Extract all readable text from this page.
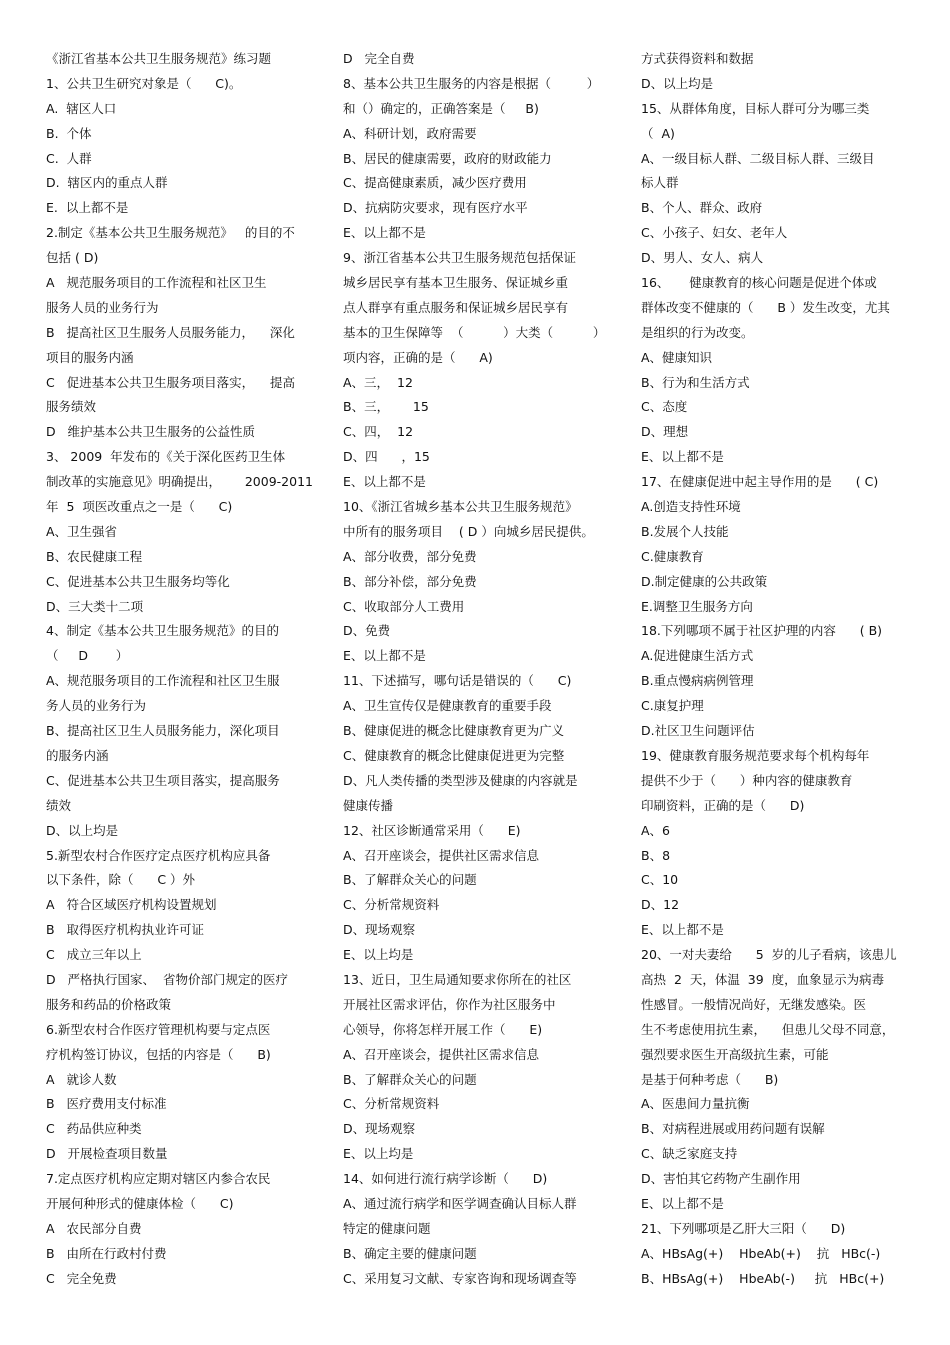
《浙江省基本公共卫生服务规范》练习题
1、公共卫生研究对象是（      C)。
A.  辖区人口
B.  个体
C.  人群
D.  辖区内的重点人群
E.  以上都不是
2.制定《基本公共卫生服务规范》   的目的不
包括 ( D)
A   规范服务项目的工作流程和社区卫生
服务人员的业务行为
B   提高社区卫生服务人员服务能力，    深化
项目的服务内涵
C   促进基本公共卫生服务项目落实，    提高
服务绩效
D   维护基本公共卫生服务的公益性质
3、 2009  年发布的《关于深化医药卫生体
制改革的实施意见》明确提出，      2009-2011
年  5  项医改重点之一是（      C)
A、卫生强省
B、农民健康工程
C、促进基本公共卫生服务均等化
D、三大类十二项
4、制定《基本公共卫生服务规范》的目的
（     D       ）
A、规范服务项目的工作流程和社区卫生服
务人员的业务行为
B、提高社区卫生人员服务能力，深化项目
的服务内涵
C、促进基本公共卫生项目落实，提高服务
绩效
D、以上均是
5.新型农村合作医疗定点医疗机构应具备
以下条件，除（      C ）外
A   符合区域医疗机构设置规划
B   取得医疗机构执业许可证
C   成立三年以上
D   严格执行国家、  省物价部门规定的医疗
服务和药品的价格政策
6.新型农村合作医疗管理机构要与定点医
疗机构签订协议，包括的内容是（      B)
A   就诊人数
B   医疗费用支付标准
C   药品供应种类
D   开展检查项目数量
7.定点医疗机构应定期对辖区内参合农民
开展何种形式的健康体检（      C)
A   农民部分自费
B   由所在行政村付费
C   完全免费
D   完全自费
8、基本公共卫生服务的内容是根据（         ）
和（）确定的，正确答案是（     B)
A、科研计划，政府需要
B、居民的健康需要，政府的财政能力
C、提高健康素质，减少医疗费用
D、抗病防灾要求，现有医疗水平
E、以上都不是
9、浙江省基本公共卫生服务规范包括保证
城乡居民享有基本卫生服务、保证城乡重
点人群享有重点服务和保证城乡居民享有
基本的卫生保障等  （          ）大类（          ）
项内容，正确的是（      A)
A、三，  12
B、三，      15
C、四，  12
D、四      ，15
E、以上都不是
10、《浙江省城乡基本公共卫生服务规范》
中所有的服务项目    ( D ）向城乡居民提供。
A、部分收费，部分免费
B、部分补偿，部分免费
C、收取部分人工费用
D、免费
E、以上都不是
11、下述描写，哪句话是错误的（      C)
A、卫生宣传仅是健康教育的重要手段
B、健康促进的概念比健康教育更为广义
C、健康教育的概念比健康促进更为完整
D、凡人类传播的类型涉及健康的内容就是
健康传播
12、社区诊断通常采用（      E)
A、召开座谈会，提供社区需求信息
B、了解群众关心的问题
C、分析常规资料
D、现场观察
E、以上均是
13、近日，卫生局通知要求你所在的社区
开展社区需求评估，你作为社区服务中
心领导，你将怎样开展工作（      E)
A、召开座谈会，提供社区需求信息
B、了解群众关心的问题
C、分析常规资料
D、现场观察
E、以上均是
14、如何进行流行病学诊断（      D)
A、通过流行病学和医学调查确认目标人群
特定的健康问题
B、确定主要的健康问题
C、采用复习文献、专家咨询和现场调查等
方式获得资料和数据
D、以上均是
15、从群体角度，目标人群可分为哪三类
（  A)
A、一级目标人群、二级目标人群、三级目
标人群
B、个人、群众、政府
C、小孩子、妇女、老年人
D、男人、女人、病人
16、     健康教育的核心问题是促进个体或
群体改变不健康的（      B ）发生改变，尤其
是组织的行为改变。
A、健康知识
B、行为和生活方式
C、态度
D、理想
E、以上都不是
17、在健康促进中起主导作用的是      ( C)
A.创造支持性环境
B.发展个人技能
C.健康教育
D.制定健康的公共政策
E.调整卫生服务方向
18.下列哪项不属于社区护理的内容      ( B)
A.促进健康生活方式
B.重点慢病病例管理
C.康复护理
D.社区卫生问题评估
19、健康教育服务规范要求每个机构每年
提供不少于（      ）种内容的健康教育
印刷资料，正确的是（      D)
A、6
B、8
C、10
D、12
E、以上都不是
20、一对夫妻给      5  岁的儿子看病，该患儿
高热  2  天，体温  39  度，血象显示为病毒
性感冒。一般情况尚好，无继发感染。医
生不考虑使用抗生素，    但患儿父母不同意，
强烈要求医生开高级抗生素，可能
是基于何种考虑（      B)
A、医患间力量抗衡
B、对病程进展或用药问题有误解
C、缺乏家庭支持
D、害怕其它药物产生副作用
E、以上都不是
21、下列哪项是乙肝大三阳（      D)
A、HBsAg(+)    HbeAb(+)    抗   HBc(-)
B、HBsAg(+)    HbeAb(-)     抗   HBc(+)
